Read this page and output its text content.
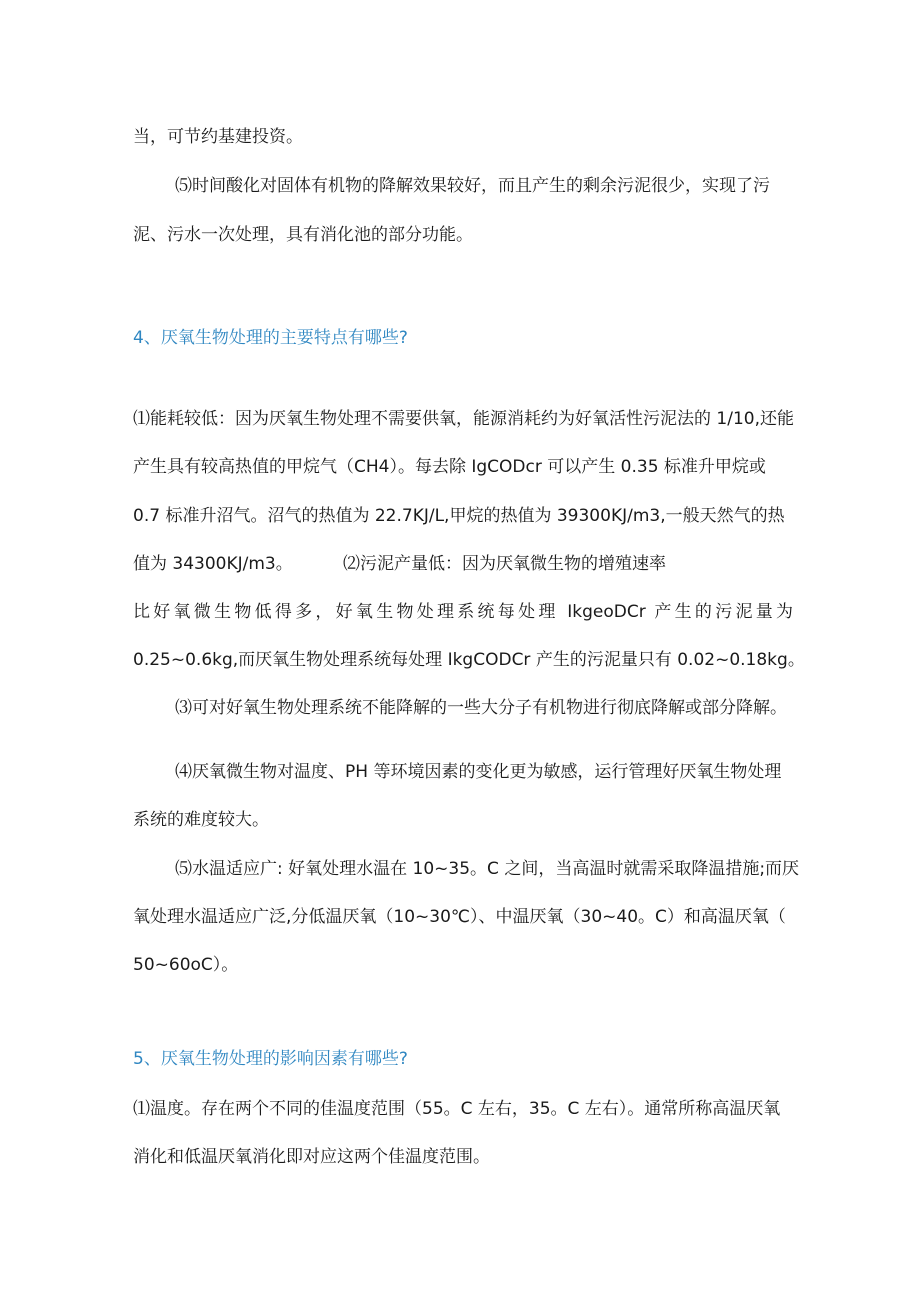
当，可节约基建投资。
⑸时间酸化对固体有机物的降解效果较好，而且产生的剩余污泥很少，实现了污
泥、污水一次处理，具有消化池的部分功能。
4、厌氧生物处理的主要特点有哪些?
⑴能耗较低：因为厌氧生物处理不需要供氧，能源消耗约为好氧活性污泥法的 1/10,还能
产生具有较高热值的甲烷气（CH4）。每去除 IgCODcr 可以产生 0.35 标准升甲烷或
0.7 标准升沼气。沼气的热值为 22.7KJ/L,甲烷的热值为 39300KJ∕m3,一般天然气的热
值为 34300KJ∕m3。	⑵污泥产量低：因为厌氧微生物的增殖速率
比好氧微生物低得多，好氧生物处理系统每处理 IkgeoDCr 产生的污泥量为
0.25~0.6kg,而厌氧生物处理系统每处理 IkgCODCr 产生的污泥量只有 0.02~0.18kg。
⑶可对好氧生物处理系统不能降解的一些大分子有机物进行彻底降解或部分降解。
⑷厌氧微生物对温度、PH 等环境因素的变化更为敏感，运行管理好厌氧生物处理
系统的难度较大。
⑸水温适应广: 好氧处理水温在 10~35。C 之间，当高温时就需采取降温措施;而厌
氧处理水温适应广泛,分低温厌氧（10~30℃）、中温厌氧（30~40。C）和高温厌氧（
50~60oC）。
5、厌氧生物处理的影响因素有哪些?
⑴温度。存在两个不同的佳温度范围（55。C 左右，35。C 左右）。通常所称高温厌氧
消化和低温厌氧消化即对应这两个佳温度范围。
